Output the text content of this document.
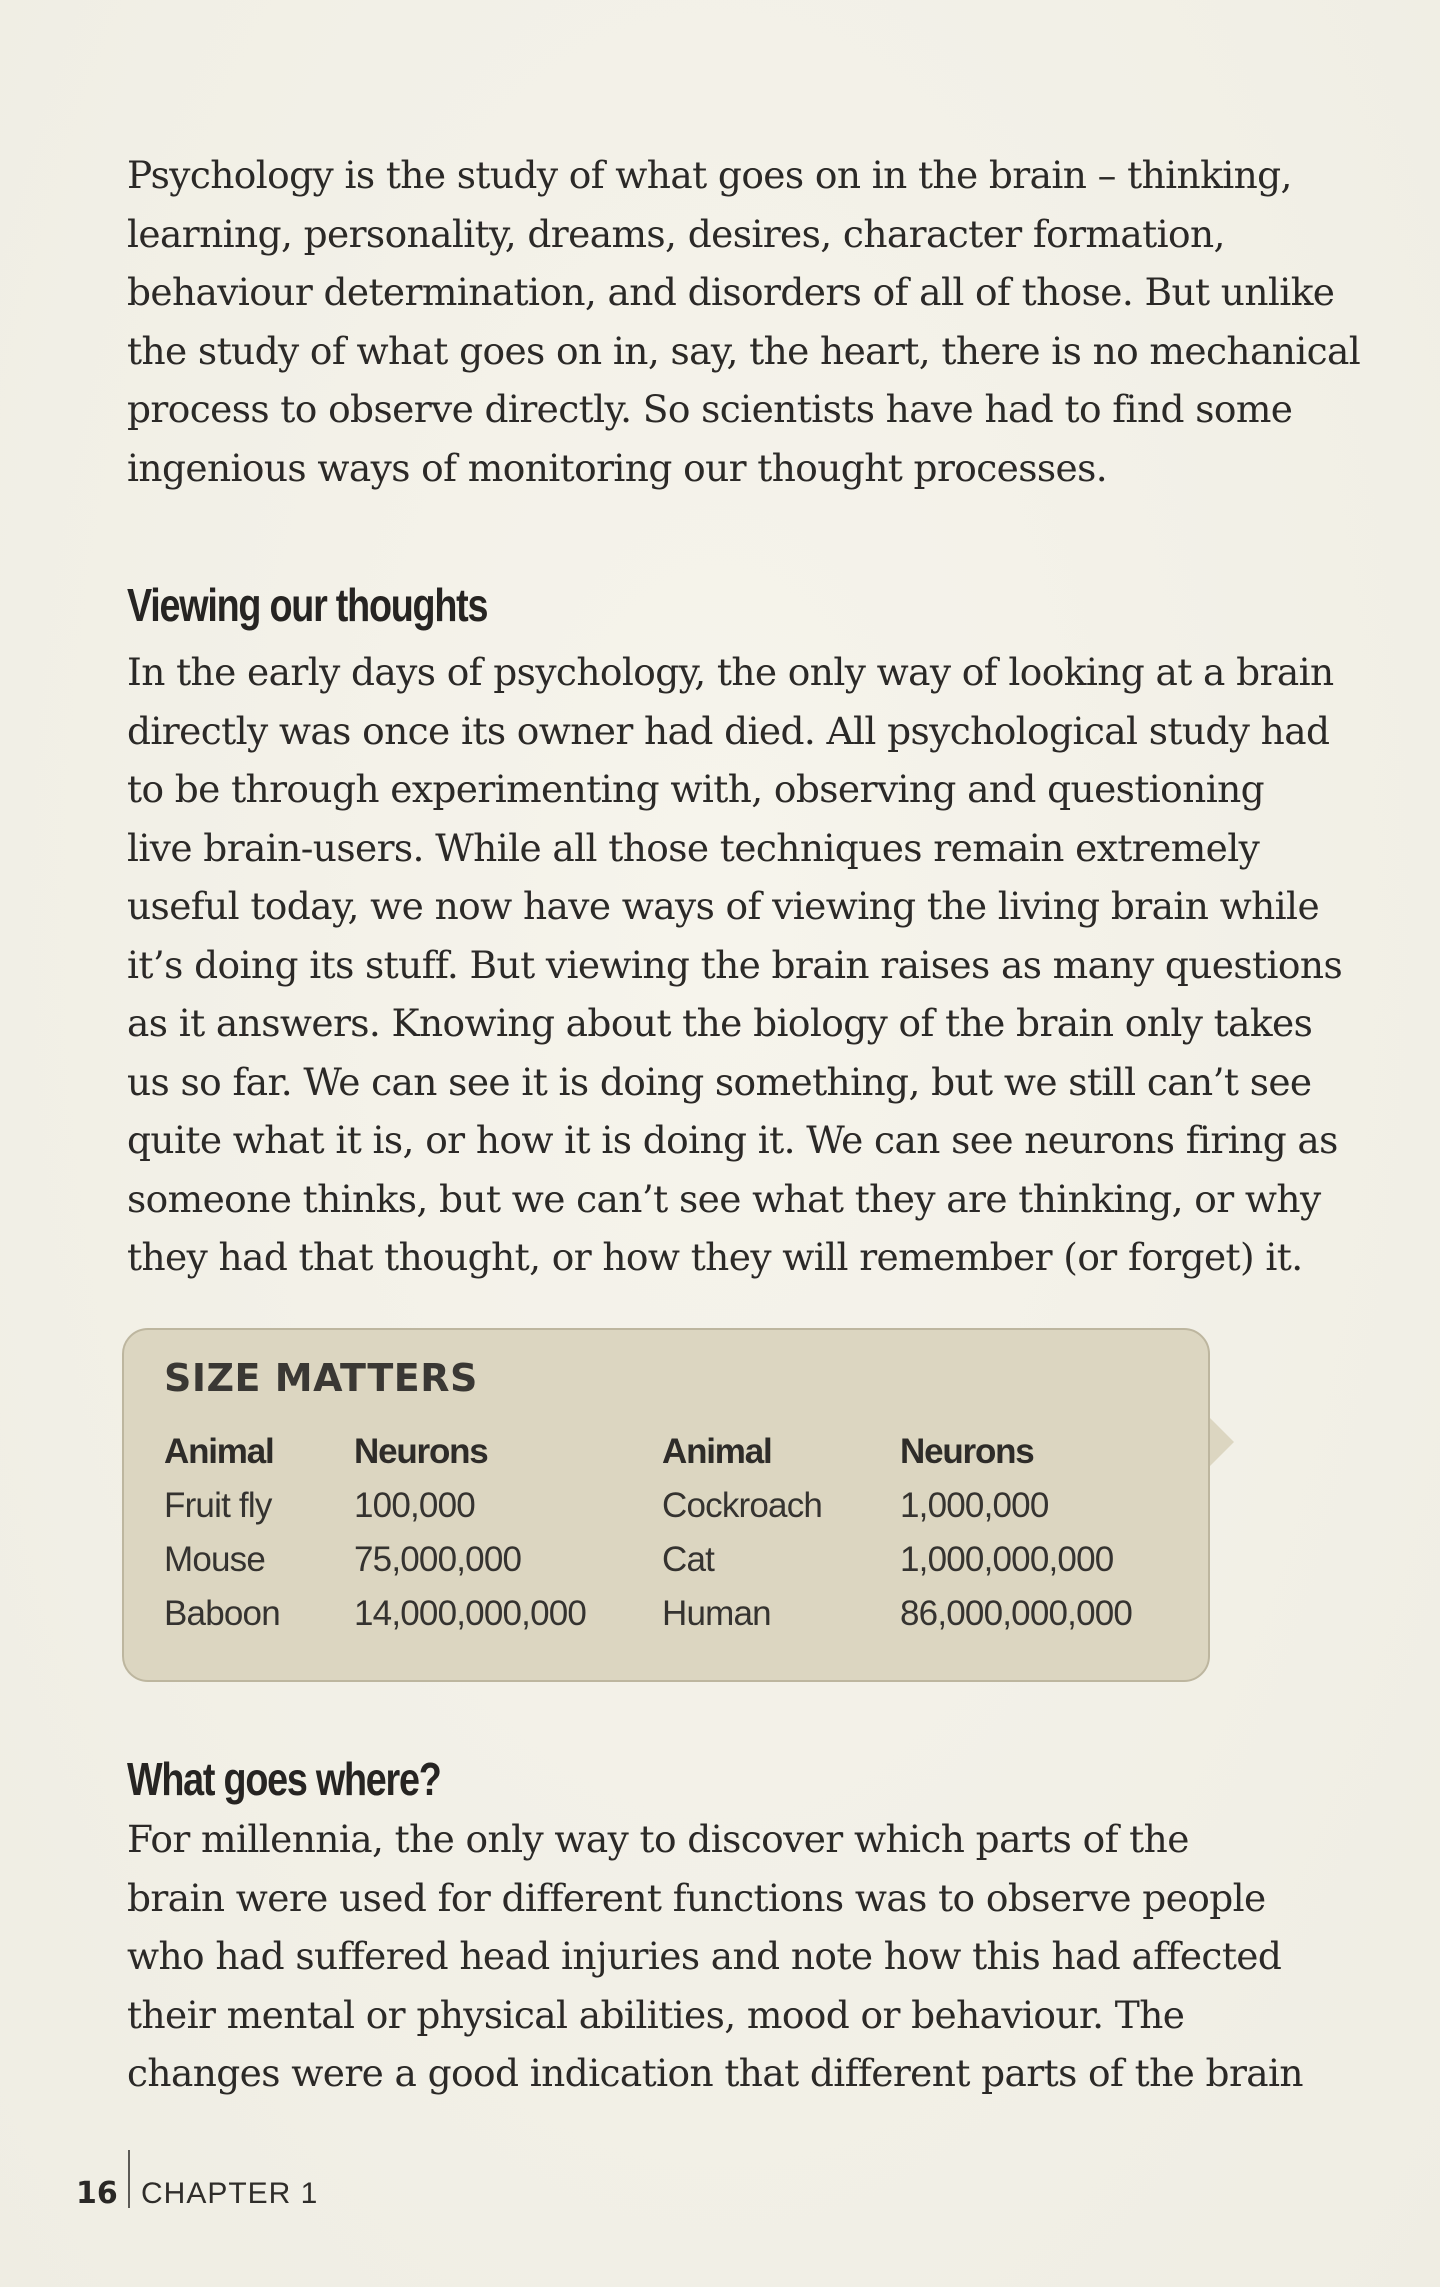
Psychology is the study of what goes on in the brain – thinking,

learning, personality, dreams, desires, character formation,

behaviour determination, and disorders of all of those. But unlike

the study of what goes on in, say, the heart, there is no mechanical

process to observe directly. So scientists have had to find some

ingenious ways of monitoring our thought processes.

Viewing our thoughts

In the early days of psychology, the only way of looking at a brain

directly was once its owner had died. All psychological study had

to be through experimenting with, observing and questioning

live brain-users. While all those techniques remain extremely

useful today, we now have ways of viewing the living brain while

it’s doing its stuff. But viewing the brain raises as many questions

as it answers. Knowing about the biology of the brain only takes

us so far. We can see it is doing something, but we still can’t see

quite what it is, or how it is doing it. We can see neurons firing as

someone thinks, but we can’t see what they are thinking, or why

they had that thought, or how they will remember (or forget) it.

SIZE MATTERS
Animal Neurons	Animal	Neurons
Fruit fly 100,000	Cockroach 1,000,000
Mouse	75,000,000	Cat	1,000,000,000
Baboon 14,000,000,000 Human	86,000,000,000
What goes where?

For millennia, the only way to discover which parts of the

brain were used for different functions was to observe people

who had suffered head injuries and note how this had affected

their mental or physical abilities, mood or behaviour. The

changes were a good indication that different parts of the brain

16 CHAPTER 1
